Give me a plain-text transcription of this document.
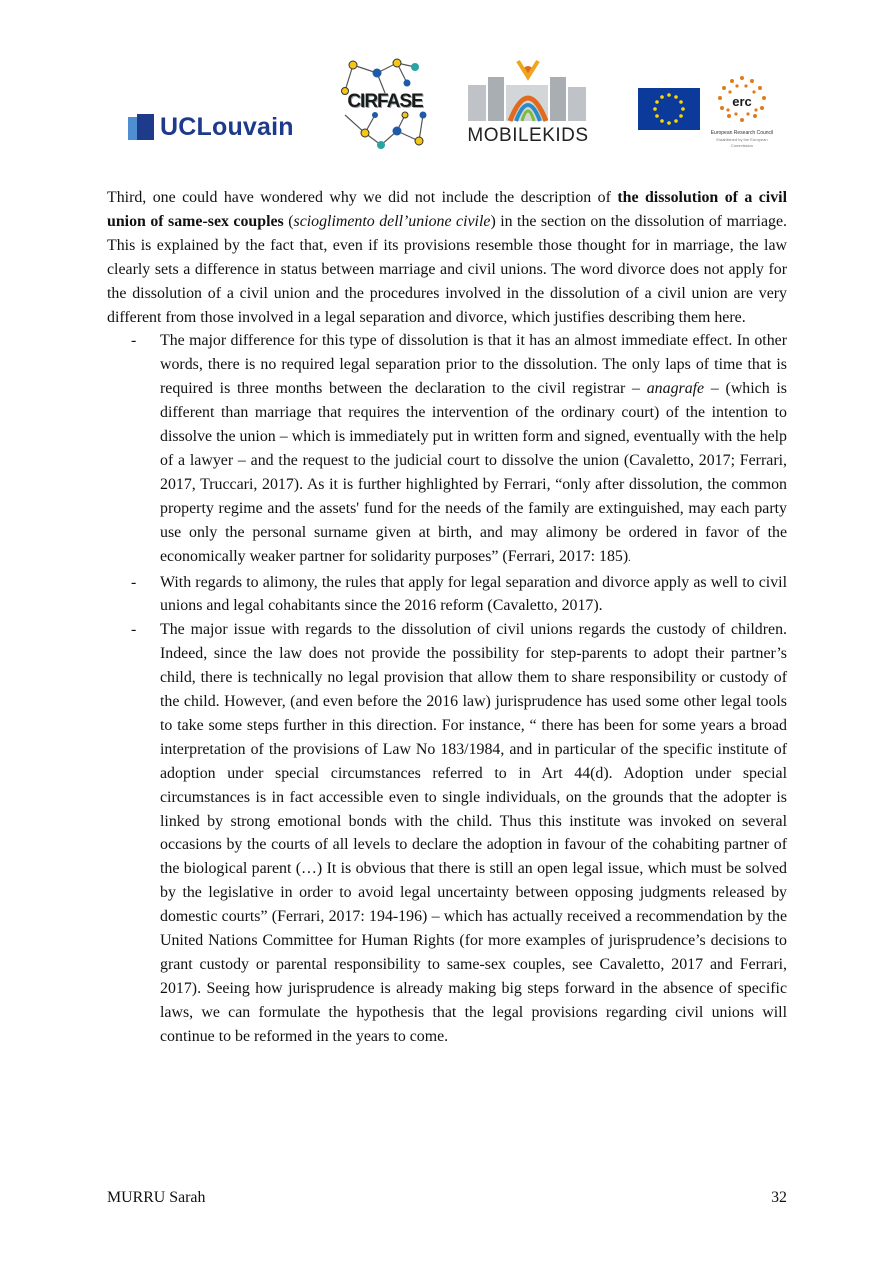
UCLouvain
CIRFASE
MOBILEKIDS
erc
European Research Council
Established by the European Commission

Third, one could have wondered why we did not include the description of the dissolution of a civil union of same-sex couples (scioglimento dell’unione civile) in the section on the dissolution of marriage. This is explained by the fact that, even if its provisions resemble those thought for in marriage, the law clearly sets a difference in status between marriage and civil unions. The word divorce does not apply for the dissolution of a civil union and the procedures involved in the dissolution of a civil union are very different from those involved in a legal separation and divorce, which justifies describing them here.

- The major difference for this type of dissolution is that it has an almost immediate effect. In other words, there is no required legal separation prior to the dissolution. The only laps of time that is required is three months between the declaration to the civil registrar – anagrafe – (which is different than marriage that requires the intervention of the ordinary court) of the intention to dissolve the union – which is immediately put in written form and signed, eventually with the help of a lawyer – and the request to the judicial court to dissolve the union (Cavaletto, 2017; Ferrari, 2017, Truccari, 2017). As it is further highlighted by Ferrari, “only after dissolution, the common property regime and the assets' fund for the needs of the family are extinguished, may each party use only the personal surname given at birth, and may alimony be ordered in favor of the economically weaker partner for solidarity purposes” (Ferrari, 2017: 185).
- With regards to alimony, the rules that apply for legal separation and divorce apply as well to civil unions and legal cohabitants since the 2016 reform (Cavaletto, 2017).
- The major issue with regards to the dissolution of civil unions regards the custody of children. Indeed, since the law does not provide the possibility for step-parents to adopt their partner’s child, there is technically no legal provision that allow them to share responsibility or custody of the child. However, (and even before the 2016 law) jurisprudence has used some other legal tools to take some steps further in this direction. For instance, “ there has been for some years a broad interpretation of the provisions of Law No 183/1984, and in particular of the specific institute of adoption under special circumstances referred to in Art 44(d). Adoption under special circumstances is in fact accessible even to single individuals, on the grounds that the adopter is linked by strong emotional bonds with the child. Thus this institute was invoked on several occasions by the courts of all levels to declare the adoption in favour of the cohabiting partner of the biological parent (…) It is obvious that there is still an open legal issue, which must be solved by the legislative in order to avoid legal uncertainty between opposing judgments released by domestic courts” (Ferrari, 2017: 194-196) – which has actually received a recommendation by the United Nations Committee for Human Rights (for more examples of jurisprudence’s decisions to grant custody or parental responsibility to same-sex couples, see Cavaletto, 2017 and Ferrari, 2017). Seeing how jurisprudence is already making big steps forward in the absence of specific laws, we can formulate the hypothesis that the legal provisions regarding civil unions will continue to be reformed in the years to come.
MURRU Sarah	32
